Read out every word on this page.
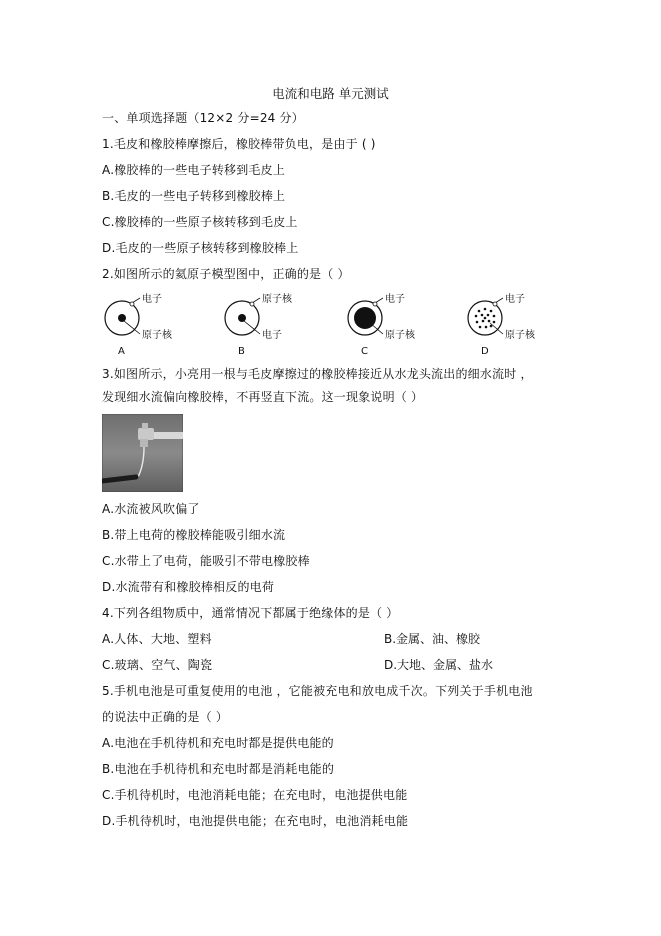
电流和电路 单元测试
一、单项选择题（12×2 分=24 分）
1.毛皮和橡胶棒摩擦后，橡胶棒带负电，是由于 ( )
A.橡胶棒的一些电子转移到毛皮上
B.毛皮的一些电子转移到橡胶棒上
C.橡胶棒的一些原子核转移到毛皮上
D.毛皮的一些原子核转移到橡胶棒上
2.如图所示的氦原子模型图中，正确的是（ ）
电子
原子核
A
原子核
电子
B
电子
原子核
C
电子
原子核
D
3.如图所示，小亮用一根与毛皮摩擦过的橡胶棒接近从水龙头流出的细水流时 ，
发现细水流偏向橡胶棒，不再竖直下流。这一现象说明（ ）
A.水流被风吹偏了
B.带上电荷的橡胶棒能吸引细水流
C.水带上了电荷，能吸引不带电橡胶棒
D.水流带有和橡胶棒相反的电荷
4.下列各组物质中，通常情况下都属于绝缘体的是（ ）
A.人体、大地、塑料	B.金属、油、橡胶
C.玻璃、空气、陶瓷	D.大地、金属、盐水
5.手机电池是可重复使用的电池 ，它能被充电和放电成千次。下列关于手机电池
的说法中正确的是（ ）
A.电池在手机待机和充电时都是提供电能的
B.电池在手机待机和充电时都是消耗电能的
C.手机待机时，电池消耗电能；在充电时，电池提供电能
D.手机待机时，电池提供电能；在充电时，电池消耗电能
